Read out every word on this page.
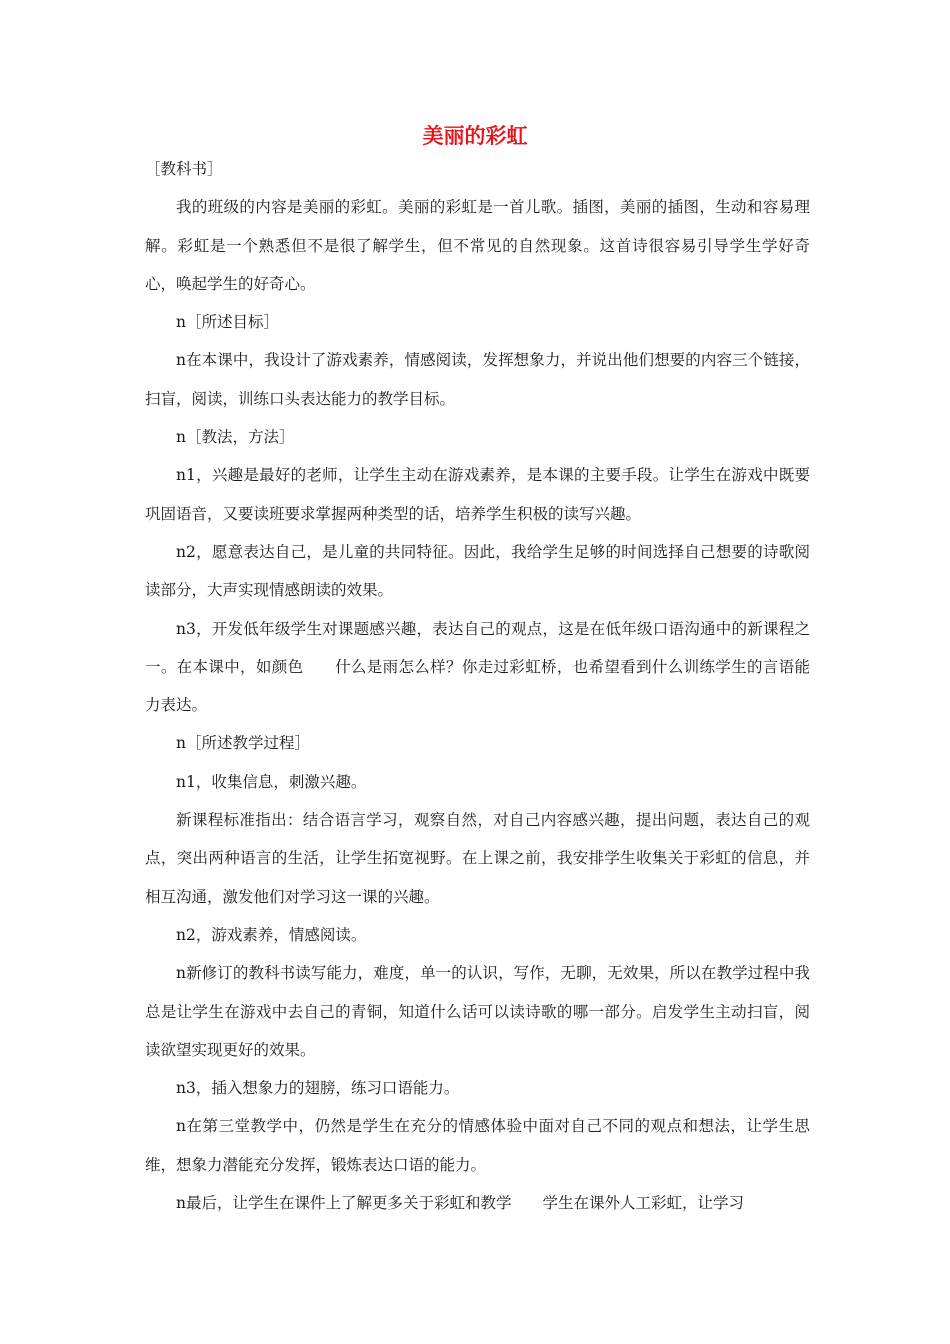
美丽的彩虹

［教科书］

我的班级的内容是美丽的彩虹。美丽的彩虹是一首儿歌。插图，美丽的插图，生动和容易理解。彩虹是一个熟悉但不是很了解学生，但不常见的自然现象。这首诗很容易引导学生学好奇心，唤起学生的好奇心。

n［所述目标］

n在本课中，我设计了游戏素养，情感阅读，发挥想象力，并说出他们想要的内容三个链接，扫盲，阅读，训练口头表达能力的教学目标。

n［教法，方法］

n1，兴趣是最好的老师，让学生主动在游戏素养，是本课的主要手段。让学生在游戏中既要巩固语音，又要读班要求掌握两种类型的话，培养学生积极的读写兴趣。

n2，愿意表达自己，是儿童的共同特征。因此，我给学生足够的时间选择自己想要的诗歌阅读部分，大声实现情感朗读的效果。

n3，开发低年级学生对课题感兴趣，表达自己的观点，这是在低年级口语沟通中的新课程之一。在本课中，如颜色　　什么是雨怎么样？你走过彩虹桥，也希望看到什么训练学生的言语能力表达。

n［所述教学过程］

n1，收集信息，刺激兴趣。

新课程标准指出：结合语言学习，观察自然，对自己内容感兴趣，提出问题，表达自己的观点，突出两种语言的生活，让学生拓宽视野。在上课之前，我安排学生收集关于彩虹的信息，并相互沟通，激发他们对学习这一课的兴趣。

n2，游戏素养，情感阅读。

n新修订的教科书读写能力，难度，单一的认识，写作，无聊，无效果，所以在教学过程中我总是让学生在游戏中去自己的青铜，知道什么话可以读诗歌的哪一部分。启发学生主动扫盲，阅读欲望实现更好的效果。

n3，插入想象力的翅膀，练习口语能力。

n在第三堂教学中，仍然是学生在充分的情感体验中面对自己不同的观点和想法，让学生思维，想象力潜能充分发挥，锻炼表达口语的能力。

n最后，让学生在课件上了解更多关于彩虹和教学　　学生在课外人工彩虹，让学习
